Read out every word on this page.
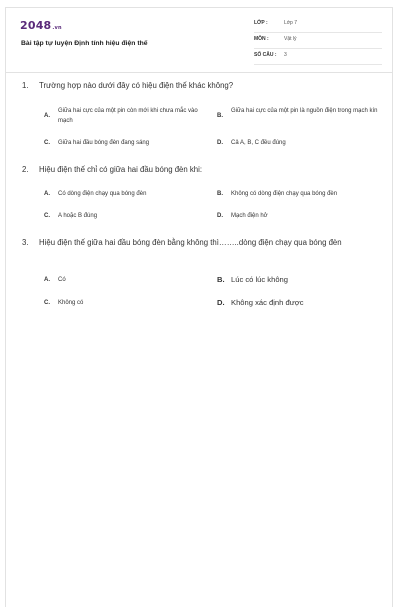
2048.vn
Bài tập tự luyện Định tính hiệu điện thế
LỚP :	Lớp 7
MÔN :	Vật lý
SỐ CÂU : 3
1. Trường hợp nào dưới đây có hiệu điện thế khác không?
A.
Giữa hai cực của một pin còn mới khi chưa mắc vào mạch
B.
Giữa hai cực của một pin là nguồn điện trong mạch kín
C. Giữa hai đầu bóng đèn đang sáng	D. Cả A, B, C đều đúng
2. Hiệu điện thế chỉ có giữa hai đầu bóng đèn khi:
A. Có dòng điện chạy qua bóng đèn	B. Không có dòng điện chạy qua bóng đèn
C. A hoặc B đúng	D. Mạch điện hở
3. Hiệu điện thế giữa hai đầu bóng đèn bằng không thì……..dòng điện chạy qua bóng đèn
A. Có	B. Lúc có lúc không
C. Không có	D. Không xác định được
